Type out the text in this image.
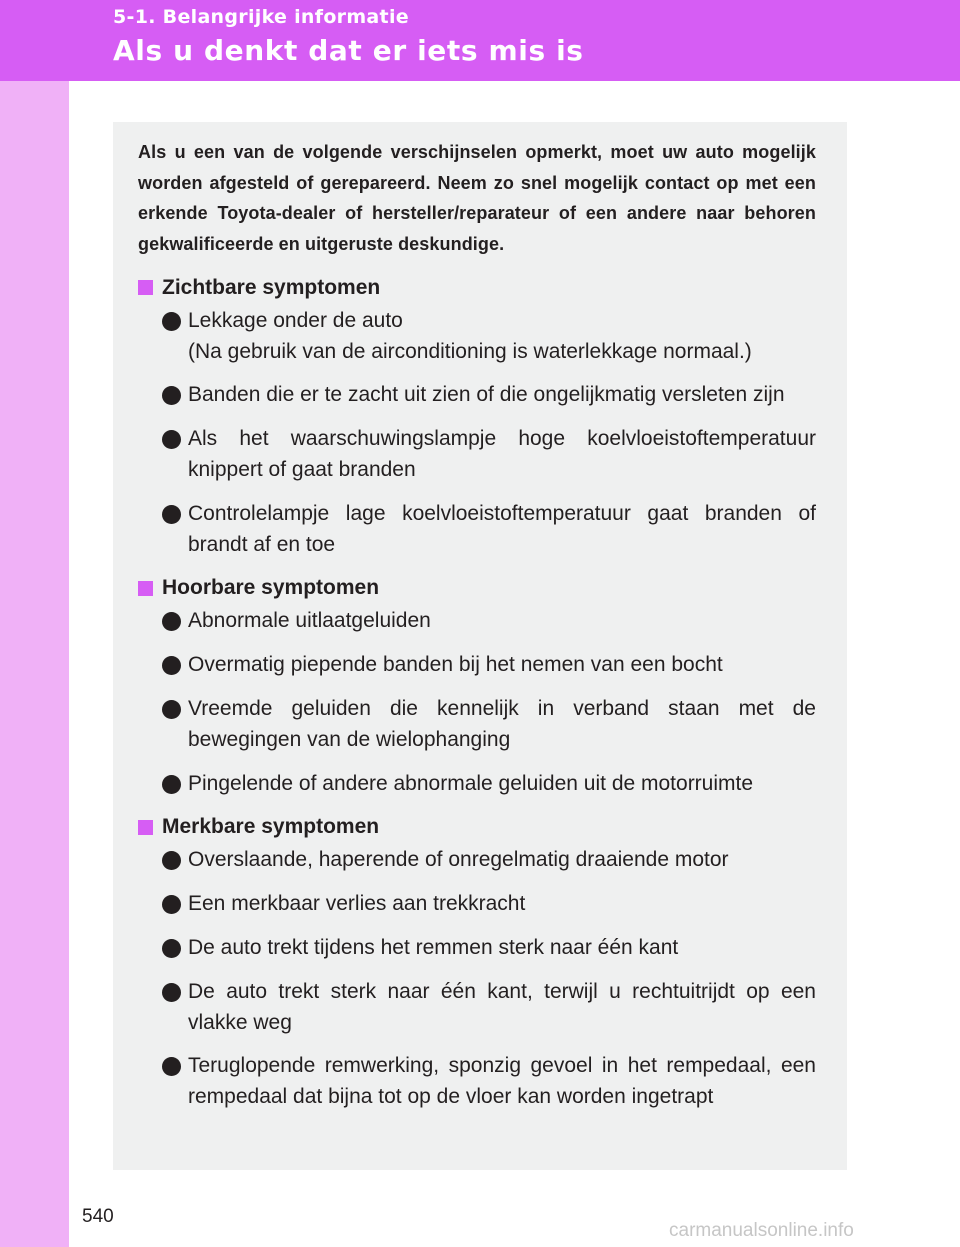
5-1. Belangrijke informatie
Als u denkt dat er iets mis is

Als u een van de volgende verschijnselen opmerkt, moet uw auto mogelijk worden afgesteld of gerepareerd. Neem zo snel mogelijk contact op met een erkende Toyota-dealer of hersteller/reparateur of een andere naar behoren gekwalificeerde en uitgeruste deskundige.

Zichtbare symptomen
Lekkage onder de auto
(Na gebruik van de airconditioning is waterlekkage normaal.)
Banden die er te zacht uit zien of die ongelijkmatig versleten zijn
Als het waarschuwingslampje hoge koelvloeistoftemperatuur knippert of gaat branden
Controlelampje lage koelvloeistoftemperatuur gaat branden of brandt af en toe
Hoorbare symptomen
Abnormale uitlaatgeluiden
Overmatig piepende banden bij het nemen van een bocht
Vreemde geluiden die kennelijk in verband staan met de bewegingen van de wielophanging
Pingelende of andere abnormale geluiden uit de motorruimte
Merkbare symptomen
Overslaande, haperende of onregelmatig draaiende motor
Een merkbaar verlies aan trekkracht
De auto trekt tijdens het remmen sterk naar één kant
De auto trekt sterk naar één kant, terwijl u rechtuitrijdt op een vlakke weg
Teruglopende remwerking, sponzig gevoel in het rempedaal, een rempedaal dat bijna tot op de vloer kan worden ingetrapt
540
carmanualsonline.info
